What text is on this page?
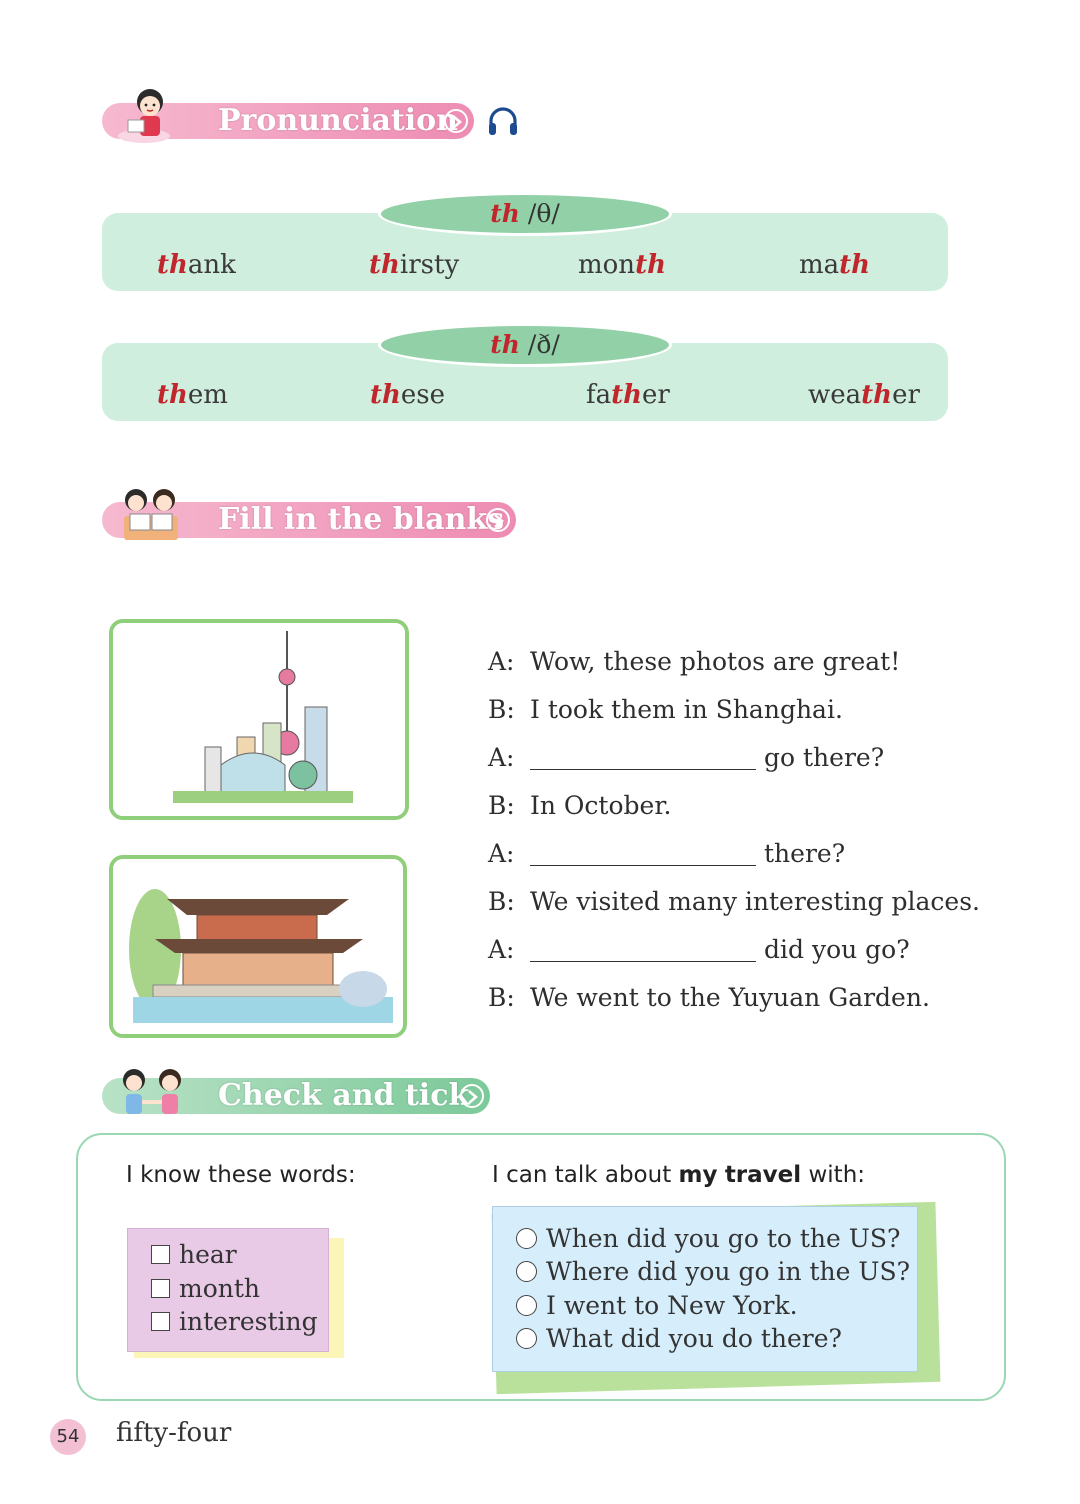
Pronunciation
th /θ/
thank	thirsty	month	math
th /ð/
them	these	father	weather
Fill in the blanks
A: Wow, these photos are great!
B: I took them in Shanghai.
A:	go there?
B: In October.
A:	there?
B: We visited many interesting places.
A:	did you go?
B: We went to the Yuyuan Garden.
Check and tick
I know these words:	I can talk about my travel with:
hear
month
interesting
When did you go to the US?
Where did you go in the US?
I went to New York.
What did you do there?
54 fifty-four
